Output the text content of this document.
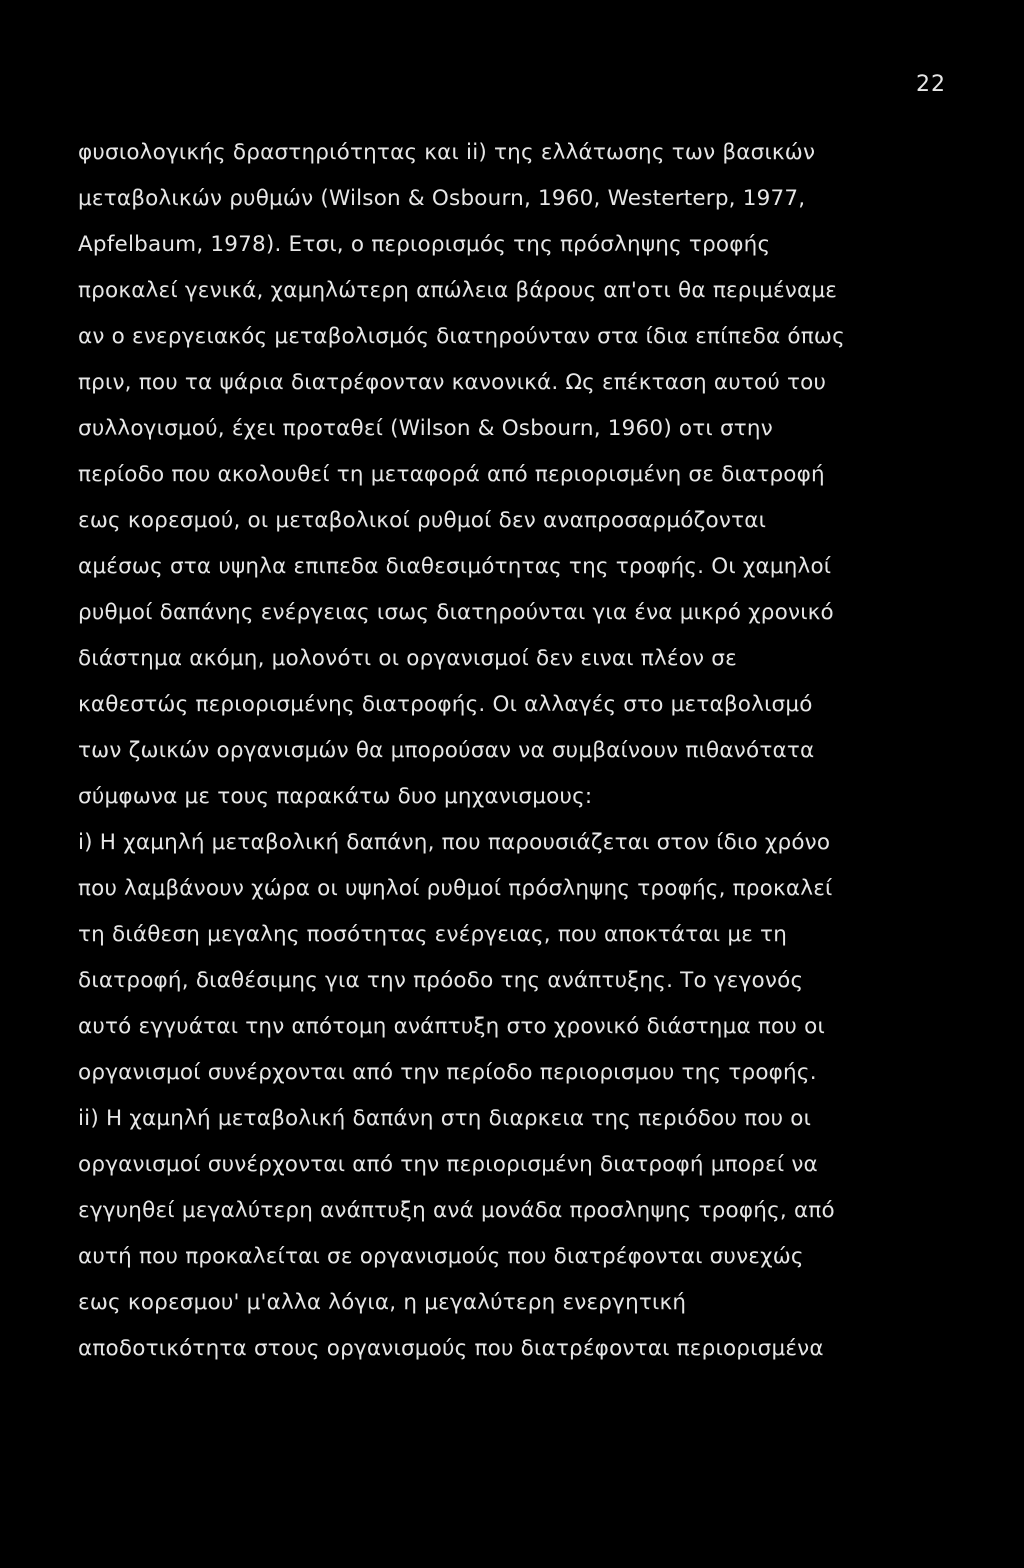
22
φυσιολογικής δραστηριότητας και ii) της ελλάτωσης των βασικών
μεταβολικών ρυθμών (Wilson & Osbourn, 1960, Westerterp, 1977,
Apfelbaum, 1978). Ετσι, ο περιορισμός της πρόσληψης τροφής
προκαλεί γενικά, χαμηλώτερη απώλεια βάρους απ'οτι θα περιμέναμε
αν ο ενεργειακός μεταβολισμός διατηρούνταν στα ίδια επίπεδα όπως
πριν, που τα ψάρια διατρέφονταν κανονικά. Ως επέκταση αυτού του
συλλογισμού, έχει προταθεί (Wilson & Osbourn, 1960) οτι στην
περίοδο που ακολουθεί τη μεταφορά από περιορισμένη σε διατροφή
εως κορεσμού, οι μεταβολικοί ρυθμοί δεν αναπροσαρμόζονται
αμέσως στα υψηλα επιπεδα διαθεσιμότητας της τροφής. Οι χαμηλοί
ρυθμοί δαπάνης ενέργειας ισως διατηρούνται για ένα μικρό χρονικό
διάστημα ακόμη, μολονότι οι οργανισμοί δεν ειναι πλέον σε
καθεστώς περιορισμένης διατροφής. Οι αλλαγές στο μεταβολισμό
των ζωικών οργανισμών θα μπορούσαν να συμβαίνουν πιθανότατα
σύμφωνα με τους παρακάτω δυο μηχανισμους:
i) Η χαμηλή μεταβολική δαπάνη, που παρουσιάζεται στον ίδιο χρόνο
που λαμβάνουν χώρα οι υψηλοί ρυθμοί πρόσληψης τροφής, προκαλεί
τη διάθεση μεγαλης ποσότητας ενέργειας, που αποκτάται με τη
διατροφή, διαθέσιμης για την πρόοδο της ανάπτυξης. Το γεγονός
αυτό εγγυάται την απότομη ανάπτυξη στο χρονικό διάστημα που οι
οργανισμοί συνέρχονται από την περίοδο περιορισμου της τροφής.
ii) Η χαμηλή μεταβολική δαπάνη στη διαρκεια της περιόδου που οι
οργανισμοί συνέρχονται από την περιορισμένη διατροφή μπορεί να
εγγυηθεί μεγαλύτερη ανάπτυξη ανά μονάδα προσληψης τροφής, από
αυτή που προκαλείται σε οργανισμούς που διατρέφονται συνεχώς
εως κορεσμου' μ'αλλα λόγια, η μεγαλύτερη ενεργητική
αποδοτικότητα στους οργανισμούς που διατρέφονται περιορισμένα
